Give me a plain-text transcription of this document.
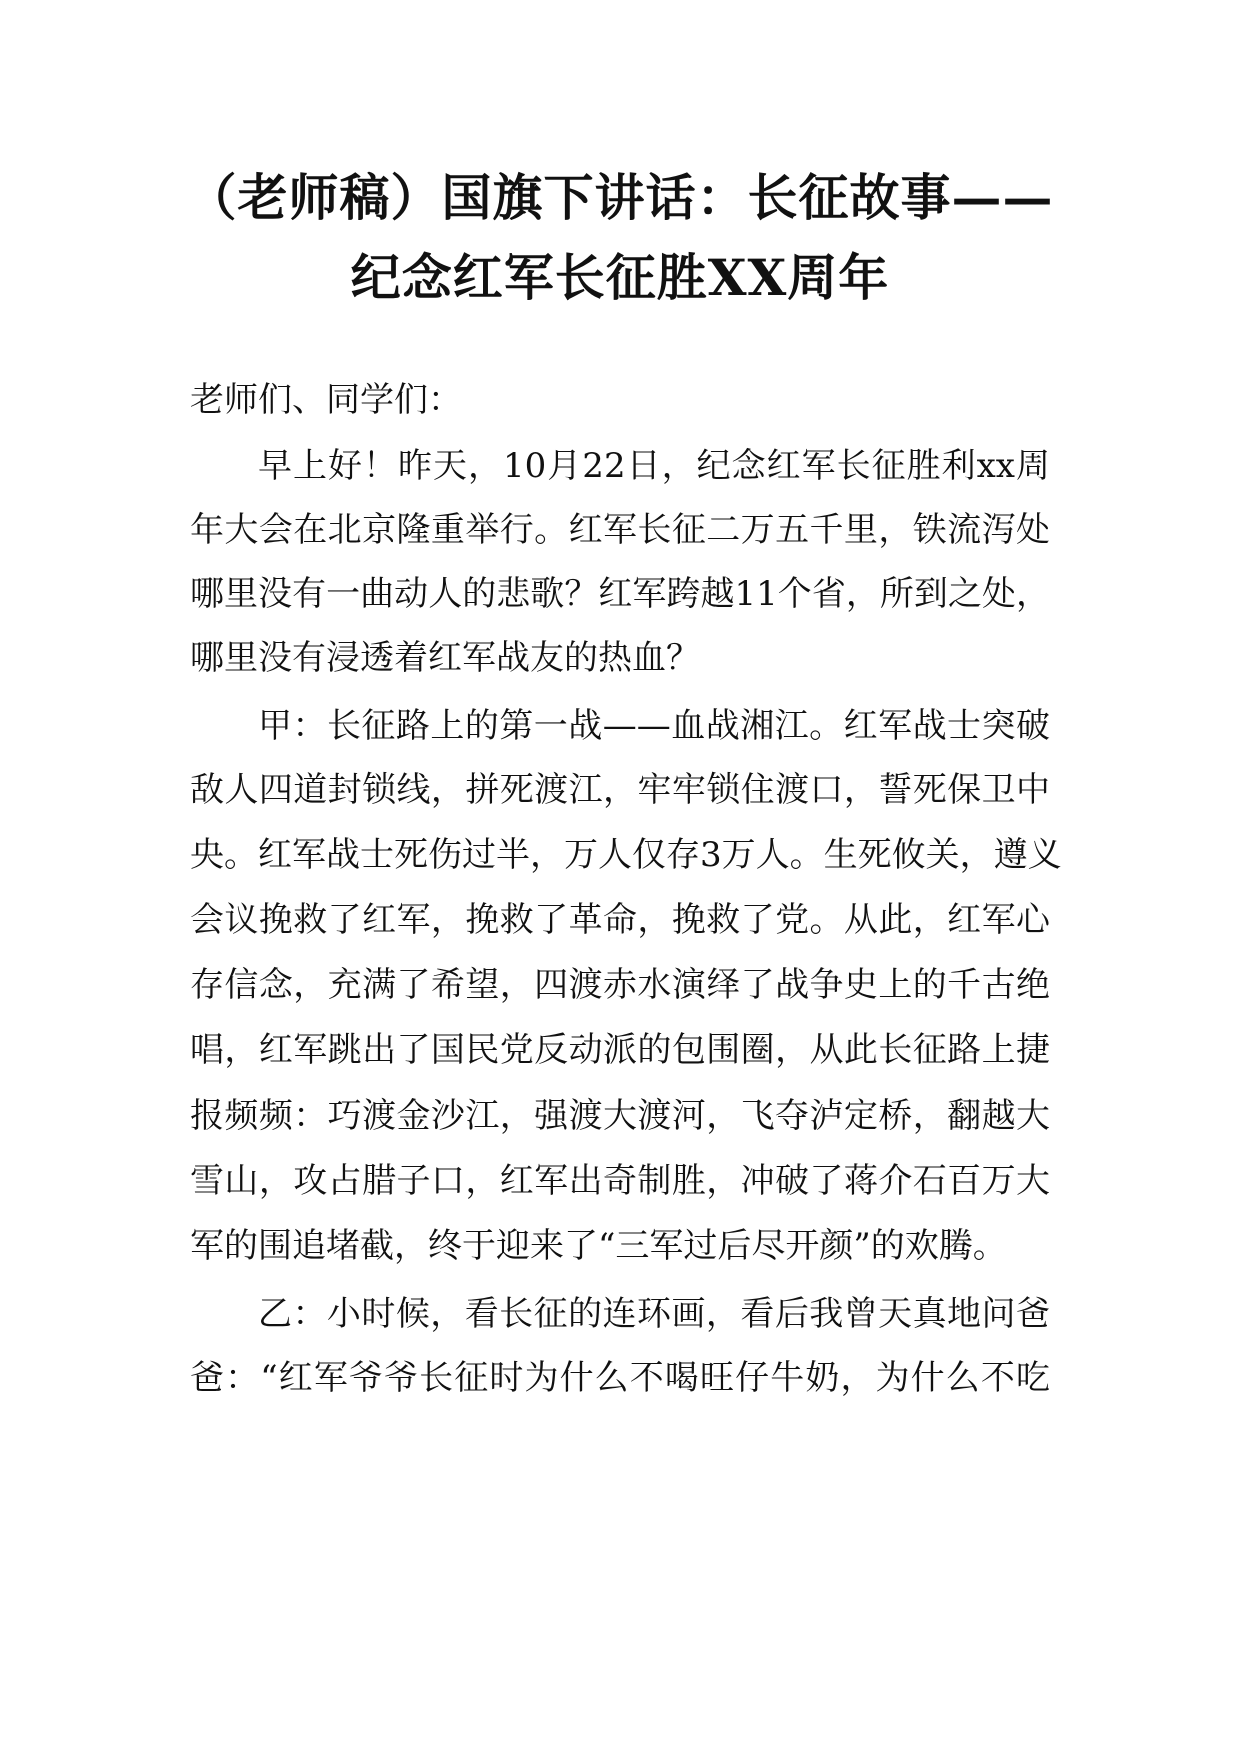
（老师稿）国旗下讲话：长征故事——
纪念红军长征胜XX周年

老师们、同学们：

早上好！昨天，10月22日，纪念红军长征胜利xx周

年大会在北京隆重举行。红军长征二万五千里，铁流泻处

哪里没有一曲动人的悲歌？红军跨越11个省，所到之处，

哪里没有浸透着红军战友的热血？

甲：长征路上的第一战——血战湘江。红军战士突破

敌人四道封锁线，拼死渡江，牢牢锁住渡口，誓死保卫中

央。红军战士死伤过半，万人仅存3万人。生死攸关，遵义

会议挽救了红军，挽救了革命，挽救了党。从此，红军心

存信念，充满了希望，四渡赤水演绎了战争史上的千古绝

唱，红军跳出了国民党反动派的包围圈，从此长征路上捷

报频频：巧渡金沙江，强渡大渡河，飞夺泸定桥，翻越大

雪山，攻占腊子口，红军出奇制胜，冲破了蒋介石百万大

军的围追堵截，终于迎来了“三军过后尽开颜”的欢腾。

乙：小时候，看长征的连环画，看后我曾天真地问爸

爸：“红军爷爷长征时为什么不喝旺仔牛奶，为什么不吃
